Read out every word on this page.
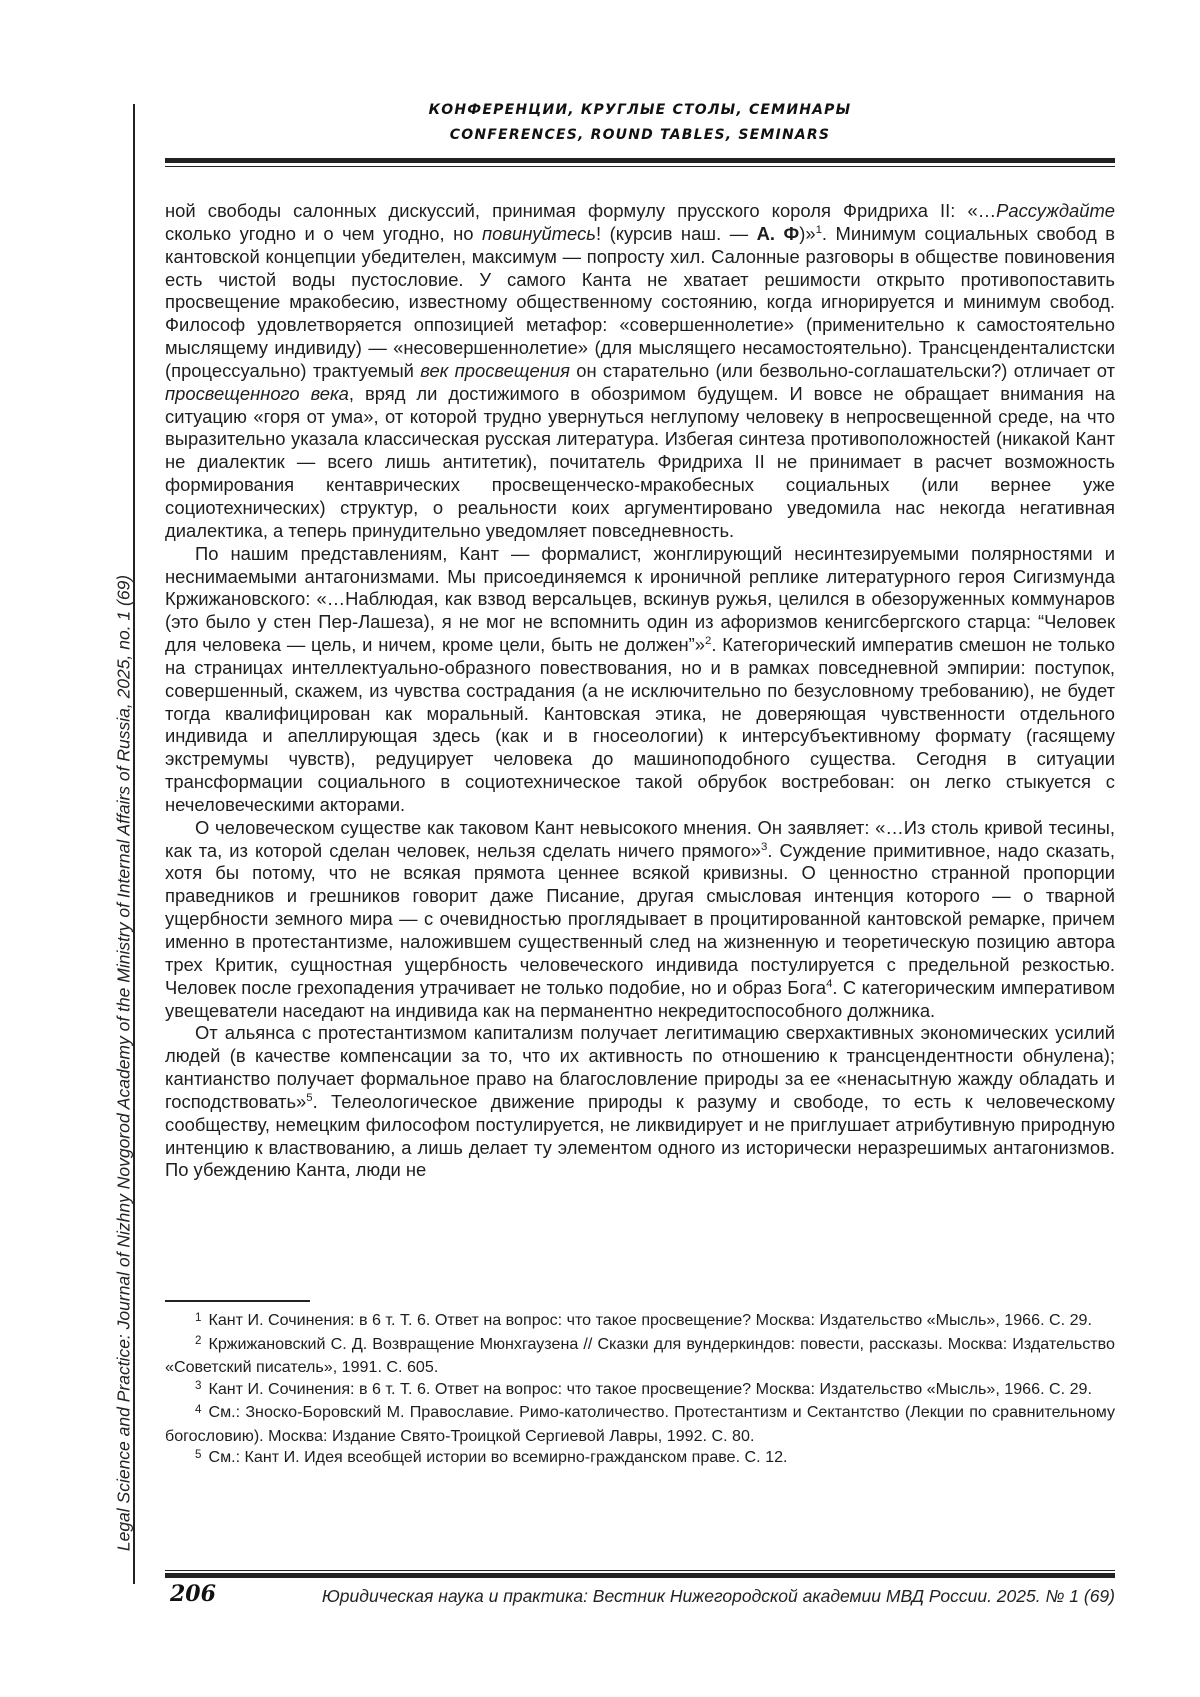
Legal Science and Practice: Journal of Nizhny Novgorod Academy of the Ministry of Internal Affairs of Russia, 2025, no. 1 (69)
КОНФЕРЕНЦИИ, КРУГЛЫЕ СТОЛЫ, СЕМИНАРЫ
CONFERENCES, ROUND TABLES, SEMINARS

ной свободы салонных дискуссий, принимая формулу прусского короля Фридриха II: «…Рассуждайте сколько угодно и о чем угодно, но повинуйтесь! (курсив наш. — А. Ф)»$^1$. Минимум социальных свобод в кантовской концепции убедителен, максимум — попросту хил. Салонные разговоры в обществе повиновения есть чистой воды пустословие. У самого Канта не хватает решимости открыто противопоставить просвещение мракобесию, известному общественному состоянию, когда игнорируется и минимум свобод. Философ удовлетворяется оппозицией метафор: «совершеннолетие» (применительно к самостоятельно мыслящему индивиду) — «несовершеннолетие» (для мыслящего несамостоятельно). Трансценденталистски (процессуально) трактуемый век просвещения он старательно (или безвольно-соглашательски?) отличает от просвещенного века, вряд ли достижимого в обозримом будущем. И вовсе не обращает внимания на ситуацию «горя от ума», от которой трудно увернуться неглупому человеку в непросвещенной среде, на что выразительно указала классическая русская литература. Избегая синтеза противоположностей (никакой Кант не диалектик — всего лишь антитетик), почитатель Фридриха II не принимает в расчет возможность формирования кентаврических просвещенческо-мракобесных социальных (или вернее уже социотехнических) структур, о реальности коих аргументировано уведомила нас некогда негативная диалектика, а теперь принудительно уведомляет повседневность.

По нашим представлениям, Кант — формалист, жонглирующий несинтезируемыми полярностями и неснимаемыми антагонизмами. Мы присоединяемся к ироничной реплике литературного героя Сигизмунда Кржижановского: «…Наблюдая, как взвод версальцев, вскинув ружья, целился в обезоруженных коммунаров (это было у стен Пер-Лашеза), я не мог не вспомнить один из афоризмов кенигсбергского старца: “Человек для человека — цель, и ничем, кроме цели, быть не должен”»$^2$. Категорический императив смешон не только на страницах интеллектуально-образного повествования, но и в рамках повседневной эмпирии: поступок, совершенный, скажем, из чувства сострадания (а не исключительно по безусловному требованию), не будет тогда квалифицирован как моральный. Кантовская этика, не доверяющая чувственности отдельного индивида и апеллирующая здесь (как и в гносеологии) к интерсубъективному формату (гасящему экстремумы чувств), редуцирует человека до машиноподобного существа. Сегодня в ситуации трансформации социального в социотехническое такой обрубок востребован: он легко стыкуется с нечеловеческими акторами.

О человеческом существе как таковом Кант невысокого мнения. Он заявляет: «…Из столь кривой тесины, как та, из которой сделан человек, нельзя сделать ничего прямого»$^3$. Суждение примитивное, надо сказать, хотя бы потому, что не всякая прямота ценнее всякой кривизны. О ценностно странной пропорции праведников и грешников говорит даже Писание, другая смысловая интенция которого — о тварной ущербности земного мира — с очевидностью проглядывает в процитированной кантовской ремарке, причем именно в протестантизме, наложившем существенный след на жизненную и теоретическую позицию автора трех Критик, сущностная ущербность человеческого индивида постулируется с предельной резкостью. Человек после грехопадения утрачивает не только подобие, но и образ Бога$^4$. С категорическим императивом увещеватели наседают на индивида как на перманентно некредитоспособного должника.

От альянса с протестантизмом капитализм получает легитимацию сверхактивных экономических усилий людей (в качестве компенсации за то, что их активность по отношению к трансцендентности обнулена); кантианство получает формальное право на благословление природы за ее «ненасытную жажду обладать и господствовать»$^5$. Телеологическое движение природы к разуму и свободе, то есть к человеческому сообществу, немецким философом постулируется, не ликвидирует и не приглушает атрибутивную природную интенцию к властвованию, а лишь делает ту элементом одного из исторически неразрешимых антагонизмов. По убеждению Канта, люди не

$^1$ Кант И. Сочинения: в 6 т. Т. 6. Ответ на вопрос: что такое просвещение? Москва: Издательство «Мысль», 1966. С. 29.

$^2$ Кржижановский С. Д. Возвращение Мюнхгаузена // Сказки для вундеркиндов: повести, рассказы. Москва: Издательство «Советский писатель», 1991. С. 605.

$^3$ Кант И. Сочинения: в 6 т. Т. 6. Ответ на вопрос: что такое просвещение? Москва: Издательство «Мысль», 1966. С. 29.

$^4$ См.: Зноско-Боровский М. Православие. Римо-католичество. Протестантизм и Сектантство (Лекции по сравнительному богословию). Москва: Издание Свято-Троицкой Сергиевой Лавры, 1992. С. 80.

$^5$ См.: Кант И. Идея всеобщей истории во всемирно-гражданском праве. С. 12.

206	Юридическая наука и практика: Вестник Нижегородской академии МВД России. 2025. № 1 (69)
